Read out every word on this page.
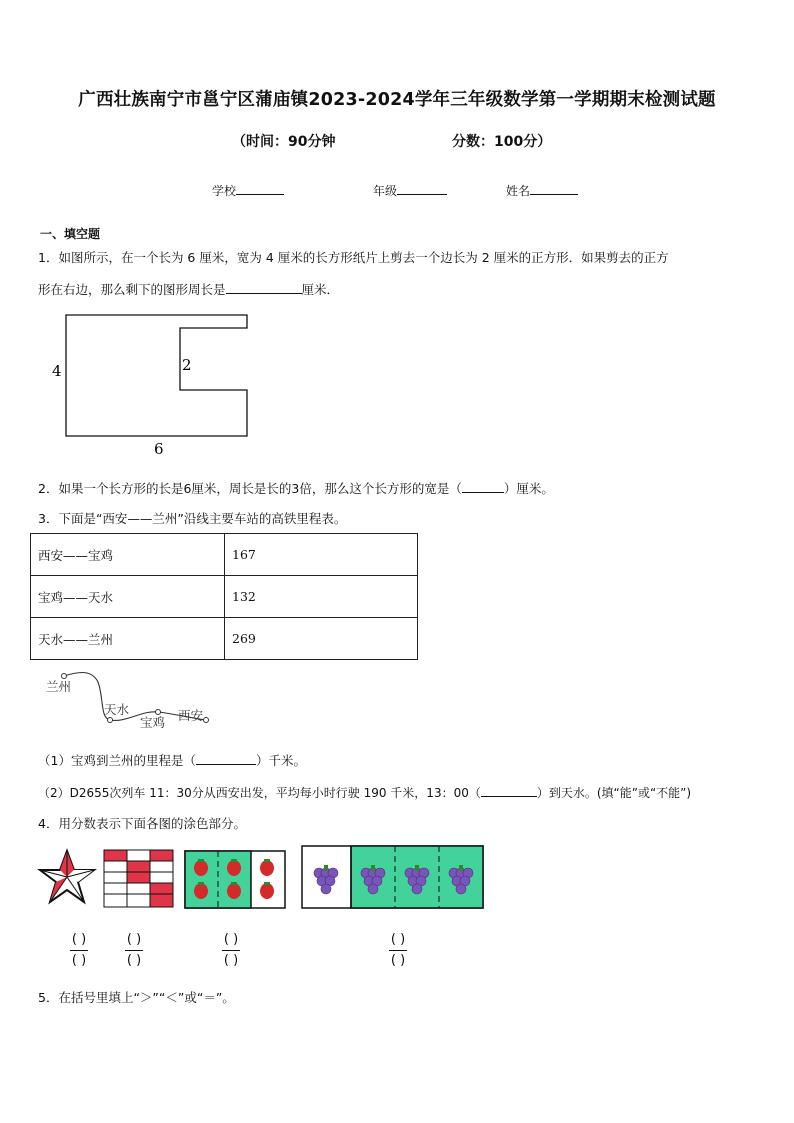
广西壮族南宁市邕宁区蒲庙镇2023-2024学年三年级数学第一学期期末检测试题
（时间：90分钟	分数：100分）
学校	年级	姓名
一、填空题
1．如图所示，在一个长为 6 厘米，宽为 4 厘米的长方形纸片上剪去一个边长为 2 厘米的正方形．如果剪去的正方
形在右边，那么剩下的图形周长是	厘米．
4	2
6
2．如果一个长方形的长是6厘米，周长是长的3倍，那么这个长方形的宽是（	）厘米。
3．下面是“西安——兰州”沿线主要车站的高铁里程表。
西安——宝鸡	167
宝鸡——天水	132
天水——兰州	269
兰州
天水
宝鸡 西安
（1）宝鸡到兰州的里程是（	）千米。
（2）D2655次列车 11：30分从西安出发，平均每小时行驶 190 千米，13：00（	）到天水。(填“能”或“不能”)
4．用分数表示下面各图的涂色部分。
( )
( )
( )
( )
( )
( )
( )
( )
5．在括号里填上“＞”“＜”或“＝”。
